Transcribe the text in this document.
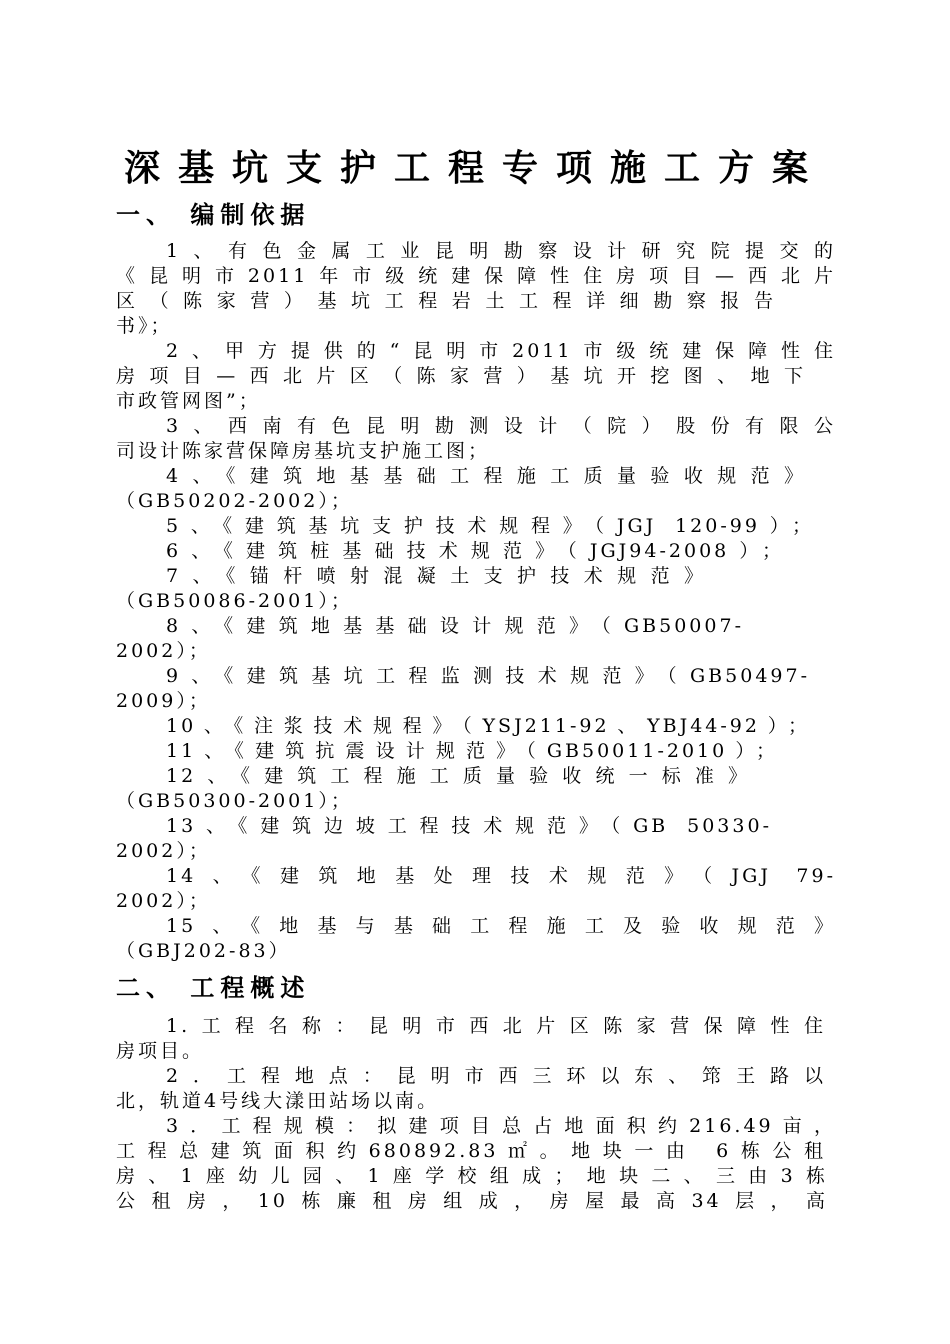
深基坑支护工程专项施工方案
一、 编制依据
1、有色金属工业昆明勘察设计研究院提交的
《昆明市2011年市级统建保障性住房项目—西北片
区（陈家营）基坑工程岩土工程详细勘察报告
书》；
2、甲方提供的“昆明市2011市级统建保障性住
房项目—西北片区（陈家营）基坑开挖图、地下
市政管网图”；
3、西南有色昆明勘测设计（院）股份有限公
司设计陈家营保障房基坑支护施工图；
4、《建筑地基基础工程施工质量验收规范》
（GB50202-2002）；
5、《建筑基坑支护技术规程》（JGJ 120-99）；
6、《建筑桩基础技术规范》（JGJ94-2008）；
7、《锚杆喷射混凝土支护技术规范》
（GB50086-2001）；
8、《建筑地基基础设计规范》（GB50007-
2002）；
9、《建筑基坑工程监测技术规范》（GB50497-
2009）；
10、《注浆技术规程》（YSJ211-92、YBJ44-92）；
11、《建筑抗震设计规范》（GB50011-2010）；
12、《建筑工程施工质量验收统一标准》
（GB50300-2001）；
13、《建筑边坡工程技术规范》（GB 50330-
2002）；
14、《建筑地基处理技术规范》（JGJ 79-
2002）；
15、《地基与基础工程施工及验收规范》
（GBJ202-83）
二、 工程概述
1.工程名称：昆明市西北片区陈家营保障性住
房项目。
2．工程地点：昆明市西三环以东、筇王路以
北，轨道4号线大漾田站场以南。
3．工程规模：拟建项目总占地面积约216.49亩，
工程总建筑面积约680892.83㎡。地块一由 6栋公租
房、1座幼儿园、1座学校组成；地块二、三由3栋
公租房，10栋廉租房组成，房屋最高34层，高
